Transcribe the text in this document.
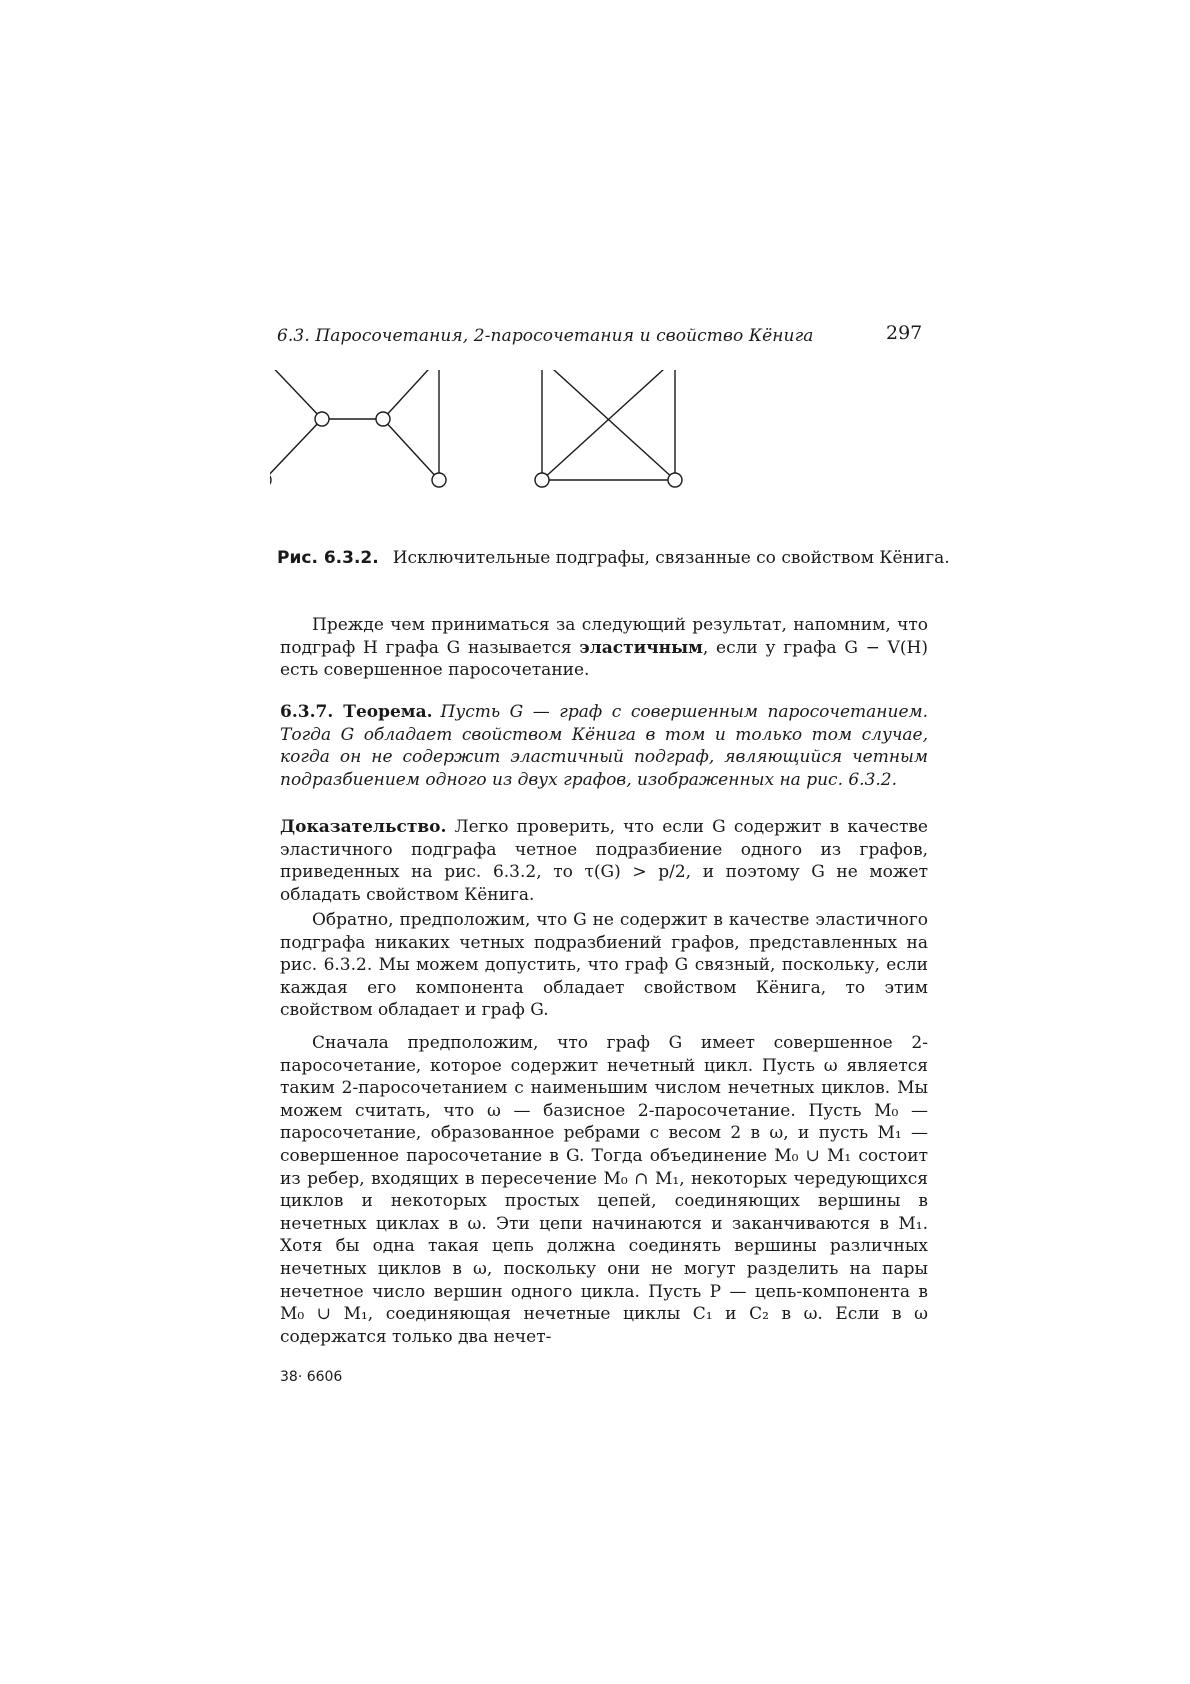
6.3. Паросочетания, 2-паросочетания и свойство Кёнига	297
Рис. 6.3.2. Исключительные подграфы, связанные со свойством Кёнига.

Прежде чем приниматься за следующий результат, напомним, что подграф H графа G называется эластичным, если у графа G − V(H) есть совершенное паросочетание.

6.3.7. Теорема. Пусть G — граф с совершенным паросочетанием. Тогда G обладает свойством Кёнига в том и только том случае, когда он не содержит эластичный подграф, являющийся четным подразбиением одного из двух графов, изображенных на рис. 6.3.2.

Доказательство. Легко проверить, что если G содержит в качестве эластичного подграфа четное подразбиение одного из графов, приведенных на рис. 6.3.2, то τ(G) > p/2, и поэтому G не может обладать свойством Кёнига.

Обратно, предположим, что G не содержит в качестве эластичного подграфа никаких четных подразбиений графов, представленных на рис. 6.3.2. Мы можем допустить, что граф G связный, поскольку, если каждая его компонента обладает свойством Кёнига, то этим свойством обладает и граф G.

Сначала предположим, что граф G имеет совершенное 2-паросочетание, которое содержит нечетный цикл. Пусть ω является таким 2-паросочетанием с наименьшим числом нечетных циклов. Мы можем считать, что ω — базисное 2-паросочетание. Пусть M₀ — паросочетание, образованное ребрами с весом 2 в ω, и пусть M₁ — совершенное паросочетание в G. Тогда объединение M₀ ∪ M₁ состоит из ребер, входящих в пересечение M₀ ∩ M₁, некоторых чередующихся циклов и некоторых простых цепей, соединяющих вершины в нечетных циклах в ω. Эти цепи начинаются и заканчиваются в M₁. Хотя бы одна такая цепь должна соединять вершины различных нечетных циклов в ω, поскольку они не могут разделить на пары нечетное число вершин одного цикла. Пусть P — цепь-компонента в M₀ ∪ M₁, соединяющая нечетные циклы C₁ и C₂ в ω. Если в ω содержатся только два нечет-

38· 6606
